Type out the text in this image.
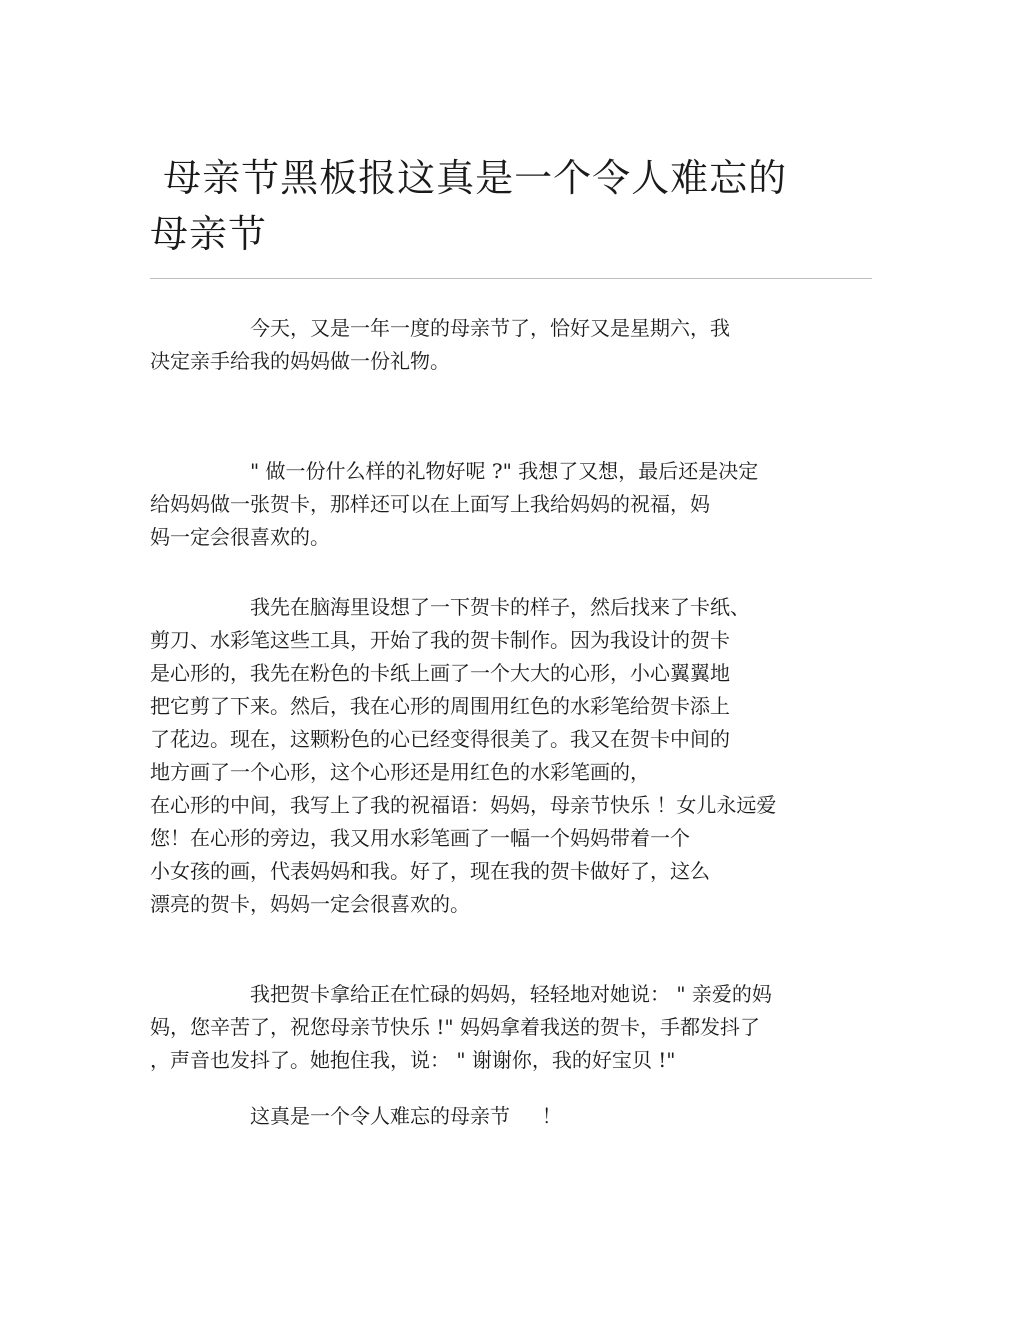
母亲节黑板报这真是一个令人难忘的
母亲节
今天，又是一年一度的母亲节了，恰好又是星期六，我
决定亲手给我的妈妈做一份礼物。
" 做一份什么样的礼物好呢 ?" 我想了又想，最后还是决定
给妈妈做一张贺卡，那样还可以在上面写上我给妈妈的祝福，妈
妈一定会很喜欢的。
我先在脑海里设想了一下贺卡的样子，然后找来了卡纸、
剪刀、水彩笔这些工具，开始了我的贺卡制作。因为我设计的贺卡
是心形的，我先在粉色的卡纸上画了一个大大的心形，小心翼翼地
把它剪了下来。然后，我在心形的周围用红色的水彩笔给贺卡添上
了花边。现在，这颗粉色的心已经变得很美了。我又在贺卡中间的
地方画了一个心形，这个心形还是用红色的水彩笔画的，
在心形的中间，我写上了我的祝福语：妈妈，母亲节快乐 ！女儿永远爱
您！在心形的旁边，我又用水彩笔画了一幅一个妈妈带着一个
小女孩的画，代表妈妈和我。好了，现在我的贺卡做好了，这么
漂亮的贺卡，妈妈一定会很喜欢的。
我把贺卡拿给正在忙碌的妈妈，轻轻地对她说： " 亲爱的妈
妈，您辛苦了，祝您母亲节快乐 !" 妈妈拿着我送的贺卡，手都发抖了
，声音也发抖了。她抱住我，说： " 谢谢你，我的好宝贝 !"
这真是一个令人难忘的母亲节     ！
